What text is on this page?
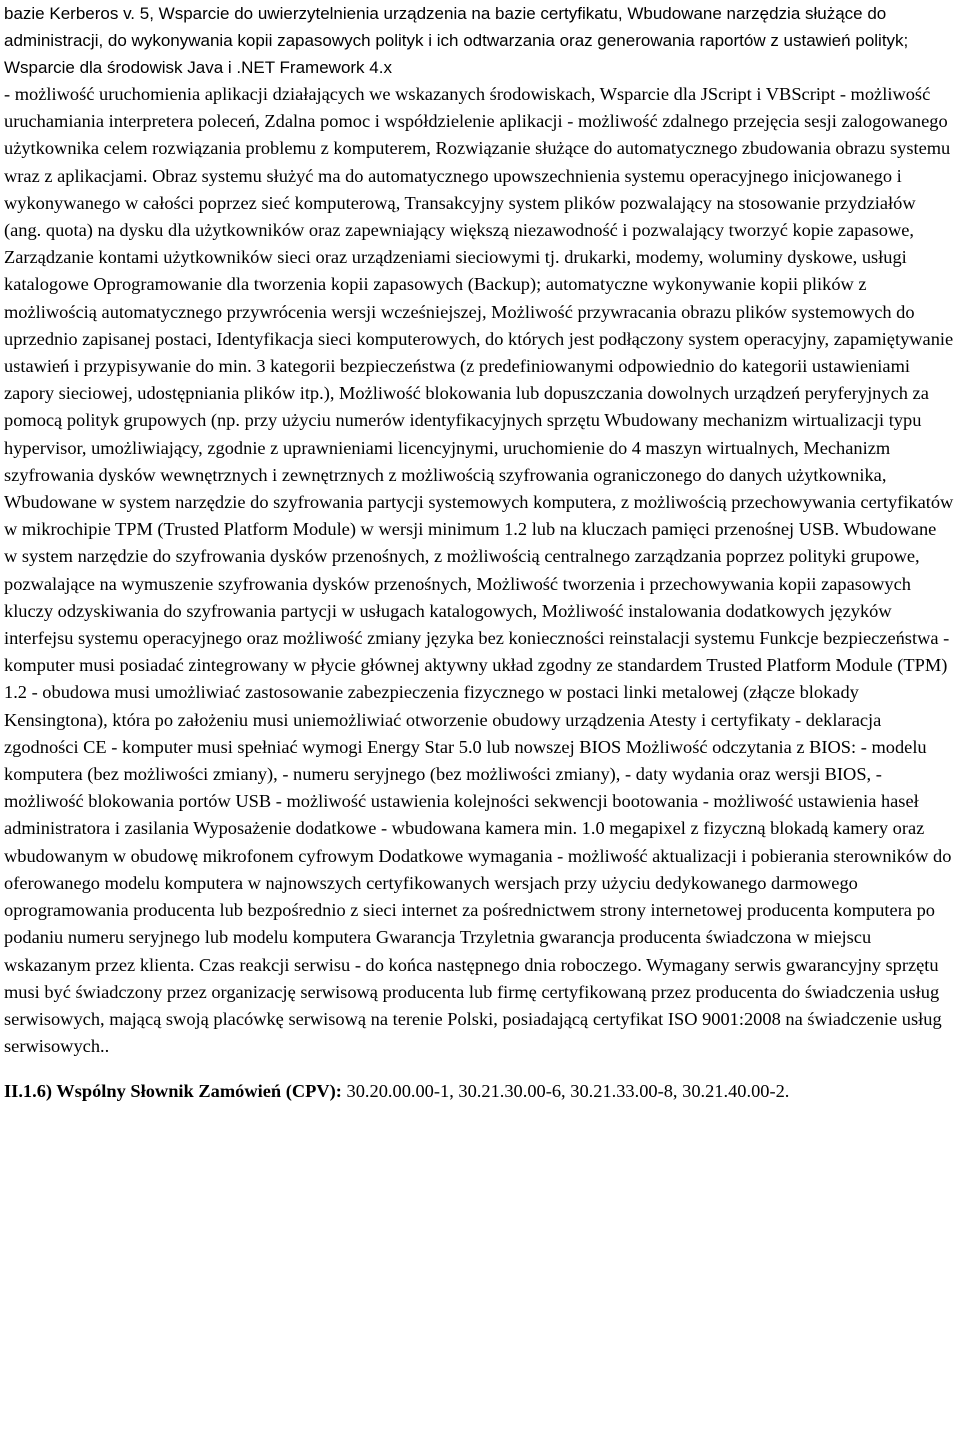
bazie Kerberos v. 5, Wsparcie do uwierzytelnienia urządzenia na bazie certyfikatu, Wbudowane narzędzia służące do administracji, do wykonywania kopii zapasowych polityk i ich odtwarzania oraz generowania raportów z ustawień polityk; Wsparcie dla środowisk Java i .NET Framework 4.x

- możliwość uruchomienia aplikacji działających we wskazanych środowiskach, Wsparcie dla JScript i VBScript - możliwość uruchamiania interpretera poleceń, Zdalna pomoc i współdzielenie aplikacji - możliwość zdalnego przejęcia sesji zalogowanego użytkownika celem rozwiązania problemu z komputerem, Rozwiązanie służące do automatycznego zbudowania obrazu systemu wraz z aplikacjami. Obraz systemu służyć ma do automatycznego upowszechnienia systemu operacyjnego inicjowanego i wykonywanego w całości poprzez sieć komputerową, Transakcyjny system plików pozwalający na stosowanie przydziałów (ang. quota) na dysku dla użytkowników oraz zapewniający większą niezawodność i pozwalający tworzyć kopie zapasowe, Zarządzanie kontami użytkowników sieci oraz urządzeniami sieciowymi tj. drukarki, modemy, woluminy dyskowe, usługi katalogowe Oprogramowanie dla tworzenia kopii zapasowych (Backup); automatyczne wykonywanie kopii plików z możliwością automatycznego przywrócenia wersji wcześniejszej, Możliwość przywracania obrazu plików systemowych do uprzednio zapisanej postaci, Identyfikacja sieci komputerowych, do których jest podłączony system operacyjny, zapamiętywanie ustawień i przypisywanie do min. 3 kategorii bezpieczeństwa (z predefiniowanymi odpowiednio do kategorii ustawieniami zapory sieciowej, udostępniania plików itp.), Możliwość blokowania lub dopuszczania dowolnych urządzeń peryferyjnych za pomocą polityk grupowych (np. przy użyciu numerów identyfikacyjnych sprzętu Wbudowany mechanizm wirtualizacji typu hypervisor, umożliwiający, zgodnie z uprawnieniami licencyjnymi, uruchomienie do 4 maszyn wirtualnych, Mechanizm szyfrowania dysków wewnętrznych i zewnętrznych z możliwością szyfrowania ograniczonego do danych użytkownika, Wbudowane w system narzędzie do szyfrowania partycji systemowych komputera, z możliwością przechowywania certyfikatów w mikrochipie TPM (Trusted Platform Module) w wersji minimum 1.2 lub na kluczach pamięci przenośnej USB. Wbudowane w system narzędzie do szyfrowania dysków przenośnych, z możliwością centralnego zarządzania poprzez polityki grupowe, pozwalające na wymuszenie szyfrowania dysków przenośnych, Możliwość tworzenia i przechowywania kopii zapasowych kluczy odzyskiwania do szyfrowania partycji w usługach katalogowych, Możliwość instalowania dodatkowych języków interfejsu systemu operacyjnego oraz możliwość zmiany języka bez konieczności reinstalacji systemu Funkcje bezpieczeństwa - komputer musi posiadać zintegrowany w płycie głównej aktywny układ zgodny ze standardem Trusted Platform Module (TPM) 1.2 - obudowa musi umożliwiać zastosowanie zabezpieczenia fizycznego w postaci linki metalowej (złącze blokady Kensingtona), która po założeniu musi uniemożliwiać otworzenie obudowy urządzenia Atesty i certyfikaty - deklaracja zgodności CE - komputer musi spełniać wymogi Energy Star 5.0 lub nowszej BIOS Możliwość odczytania z BIOS: - modelu komputera (bez możliwości zmiany), - numeru seryjnego (bez możliwości zmiany), - daty wydania oraz wersji BIOS, - możliwość blokowania portów USB - możliwość ustawienia kolejności sekwencji bootowania - możliwość ustawienia haseł administratora i zasilania Wyposażenie dodatkowe - wbudowana kamera min. 1.0 megapixel z fizyczną blokadą kamery oraz wbudowanym w obudowę mikrofonem cyfrowym Dodatkowe wymagania - możliwość aktualizacji i pobierania sterowników do oferowanego modelu komputera w najnowszych certyfikowanych wersjach przy użyciu dedykowanego darmowego oprogramowania producenta lub bezpośrednio z sieci internet za pośrednictwem strony internetowej producenta komputera po podaniu numeru seryjnego lub modelu komputera Gwarancja Trzyletnia gwarancja producenta świadczona w miejscu wskazanym przez klienta. Czas reakcji serwisu - do końca następnego dnia roboczego. Wymagany serwis gwarancyjny sprzętu musi być świadczony przez organizację serwisową producenta lub firmę certyfikowaną przez producenta do świadczenia usług serwisowych, mającą swoją placówkę serwisową na terenie Polski, posiadającą certyfikat ISO 9001:2008 na świadczenie usług serwisowych..

II.1.6) Wspólny Słownik Zamówień (CPV): 30.20.00.00-1, 30.21.30.00-6, 30.21.33.00-8, 30.21.40.00-2.
